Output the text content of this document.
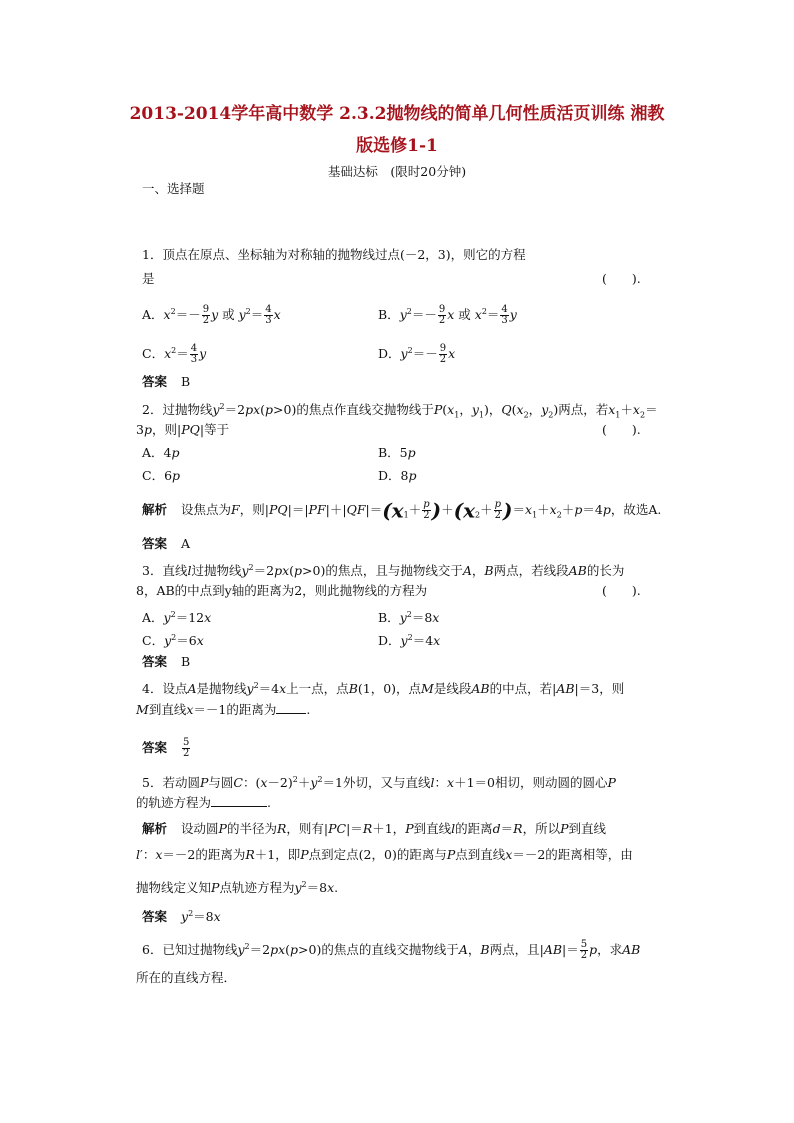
2013-2014学年高中数学 2.3.2抛物线的简单几何性质活页训练 湘教
版选修1-1
基础达标　(限时20分钟)
一、选择题
1．顶点在原点、坐标轴为对称轴的抛物线过点(－2，3)，则它的方程
是	(　　).
A．$x^2=- \frac{9}{2}$ y 或 $y^2= \frac{4}{3}$ x	B．$y^2=- \frac{9}{2}$ x 或 $x^2= \frac{4}{3}$ y
C．$x^2= \frac{4}{3}$ y	D．$y^2=- \frac{9}{2}$ x
答案 B
2．过抛物线$y^2=2px(p>0)$的焦点作直线交抛物线于$P(x_1$，$y_1$)，$Q(x_2$，$y_2$)两点，若$x_1+x_2=$
3p，则|PQ|等于	(　　).
A．4p	B．5p
C．6p	D．8p
解析 设焦点为F，则$|PQ|=|PF|+|QF|=(x_1+ \frac{p}{2} )+(x_2+ \frac{p}{2} )=x_1+x_2+p=4p$，故选A.
答案 A
3．直线l过抛物线$y^2=2px(p>0)$的焦点，且与抛物线交于A，B两点，若线段AB的长为
8，AB的中点到y轴的距离为2，则此抛物线的方程为	(　　).
A．$y^2=12x$	B．$y^2=8x$
C．$y^2=6x$	D．$y^2=4x$
答案 B
4．设点A是抛物线$y^2=4x$上一点，点B(1，0)，点M是线段AB的中点，若|AB|＝3，则
M到直线x＝－1的距离为 .
答案 $\frac{5}{2}$
5．若动圆P与圆C：$(x-2)^2+y^2=1$外切，又与直线l：x＋1＝0相切，则动圆的圆心P
的轨迹方程为	.
解析 设动圆P的半径为R，则有|PC|＝R＋1，P到直线l的距离d＝R，所以P到直线
l′：x＝－2的距离为R＋1，即P点到定点(2，0)的距离与P点到直线x＝－2的距离相等，由
抛物线定义知P点轨迹方程为$y^2=8x$.
答案 $y^2=8x$
6．已知过抛物线$y^2=2px(p>0)$的焦点的直线交抛物线于A，B两点，且$|AB|= \frac{5}{2}$ p，求AB
所在的直线方程．
